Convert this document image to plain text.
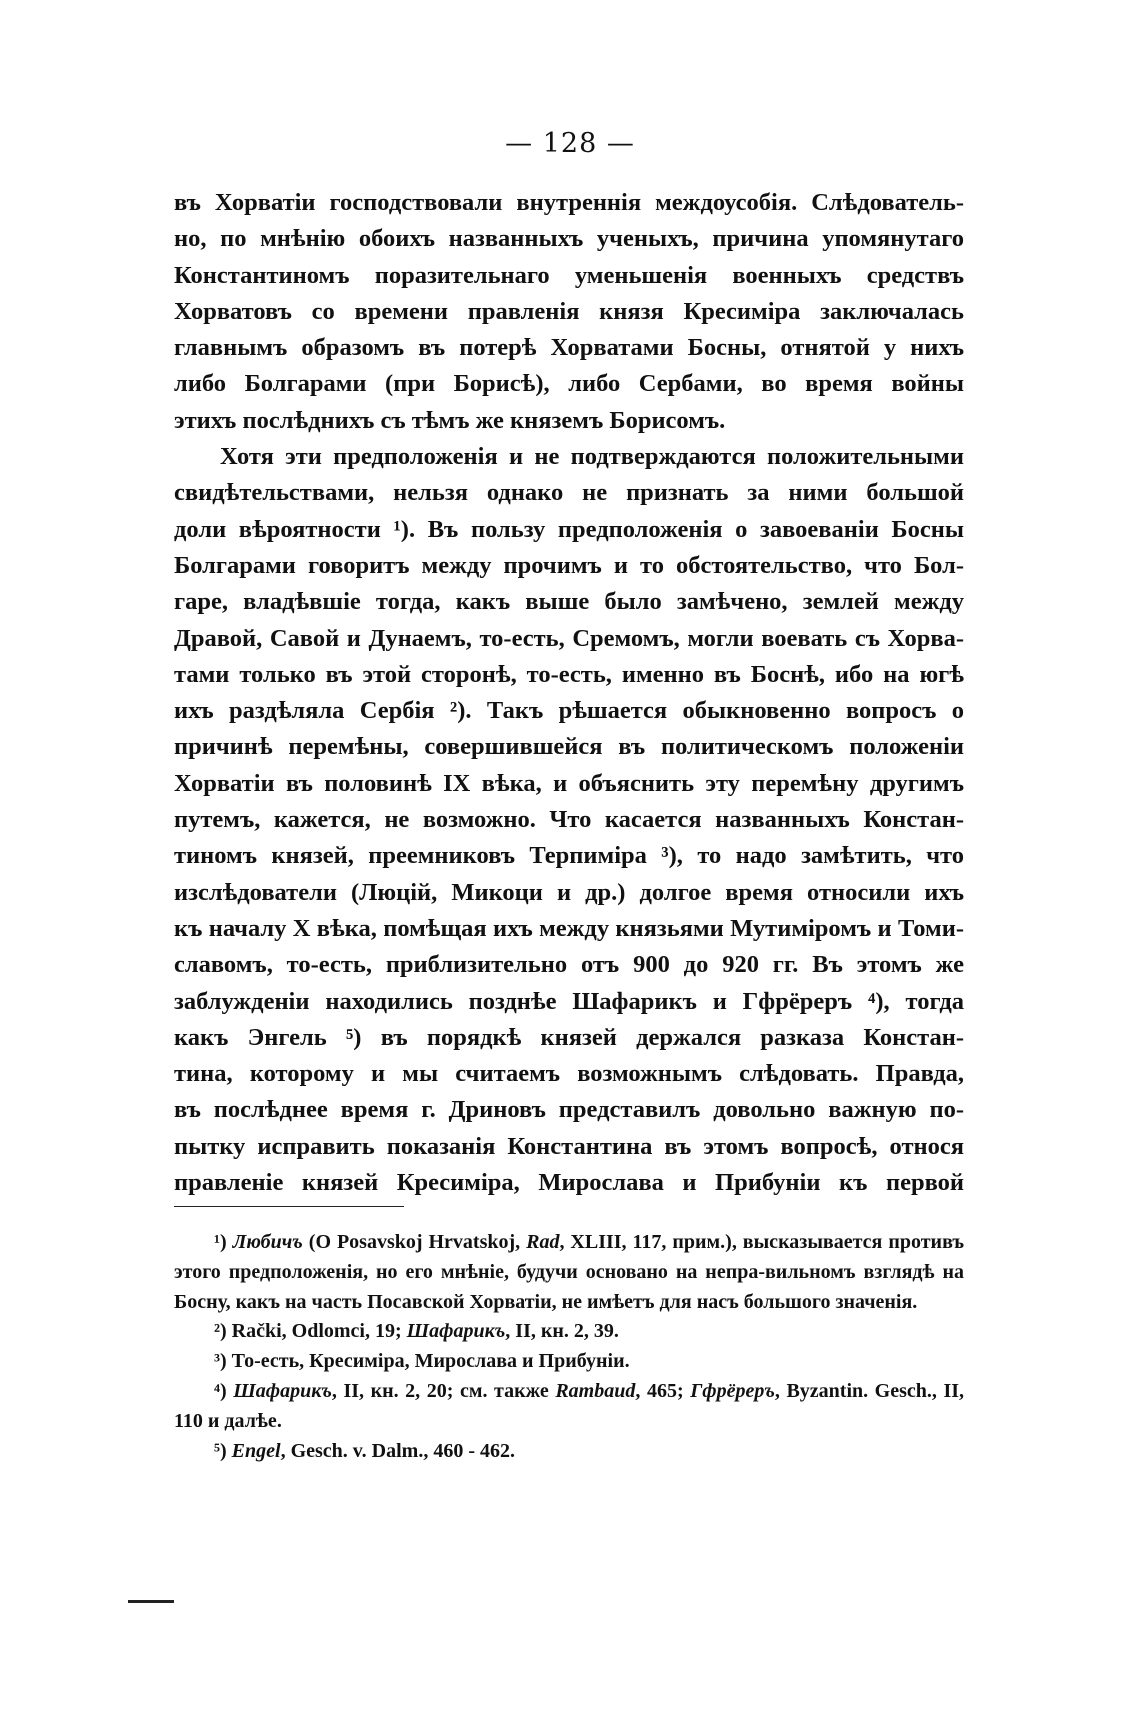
— 128 —

въ Хорватіи господствовали внутреннія междоусобія. Слѣдователь-

но, по мнѣнію обоихъ названныхъ ученыхъ, причина упомянутаго

Константиномъ поразительнаго уменьшенія военныхъ средствъ

Хорватовъ со времени правленія князя Кресиміра заключалась

главнымъ образомъ въ потерѣ Хорватами Босны, отнятой у нихъ

либо Болгарами (при Борисѣ), либо Сербами, во время войны

этихъ послѣднихъ съ тѣмъ же княземъ Борисомъ.

Хотя эти предположенія и не подтверждаются положительными

свидѣтельствами, нельзя однако не признать за ними большой

доли вѣроятности ¹). Въ пользу предположенія о завоеваніи Босны

Болгарами говоритъ между прочимъ и то обстоятельство, что Бол-

гаре, владѣвшіе тогда, какъ выше было замѣчено, землей между

Дравой, Савой и Дунаемъ, то-есть, Сремомъ, могли воевать съ Хорва-

тами только въ этой сторонѣ, то-есть, именно въ Боснѣ, ибо на югѣ

ихъ раздѣляла Сербія ²). Такъ рѣшается обыкновенно вопросъ о

причинѣ перемѣны, совершившейся въ политическомъ положеніи

Хорватіи въ половинѣ IX вѣка, и объяснить эту перемѣну другимъ

путемъ, кажется, не возможно. Что касается названныхъ Констан-

тиномъ князей, преемниковъ Терпиміра ³), то надо замѣтить, что

изслѣдователи (Люцій, Микоци и др.) долгое время относили ихъ

къ началу X вѣка, помѣщая ихъ между князьями Мутиміромъ и Томи-

славомъ, то-есть, приблизительно отъ 900 до 920 гг. Въ этомъ же

заблужденіи находились позднѣе Шафарикъ и Гфрёреръ ⁴), тогда

какъ Энгель ⁵) въ порядкѣ князей держался разказа Констан-

тина, которому и мы считаемъ возможнымъ слѣдовать. Правда,

въ послѣднее время г. Дриновъ представилъ довольно важную по-

пытку исправить показанія Константина въ этомъ вопросѣ, относя

правленіе князей Кресиміра, Мирослава и Прибуніи къ первой

¹) Любичъ (O Posavskoj Hrvatskoj, Rad, XLIII, 117, прим.), высказывается противъ этого предположенія, но его мнѣніе, будучи основано на непра-вильномъ взглядѣ на Босну, какъ на часть Посавской Хорватіи, не имѣетъ для насъ большого значенія.

²) Rački, Odlomci, 19; Шафарикъ, II, кн. 2, 39.

³) То-есть, Кресиміра, Мирослава и Прибуніи.

⁴) Шафарикъ, II, кн. 2, 20; см. также Rambaud, 465; Гфрёреръ, Byzantin. Gesch., II, 110 и далѣе.

⁵) Engel, Gesch. v. Dalm., 460 - 462.
